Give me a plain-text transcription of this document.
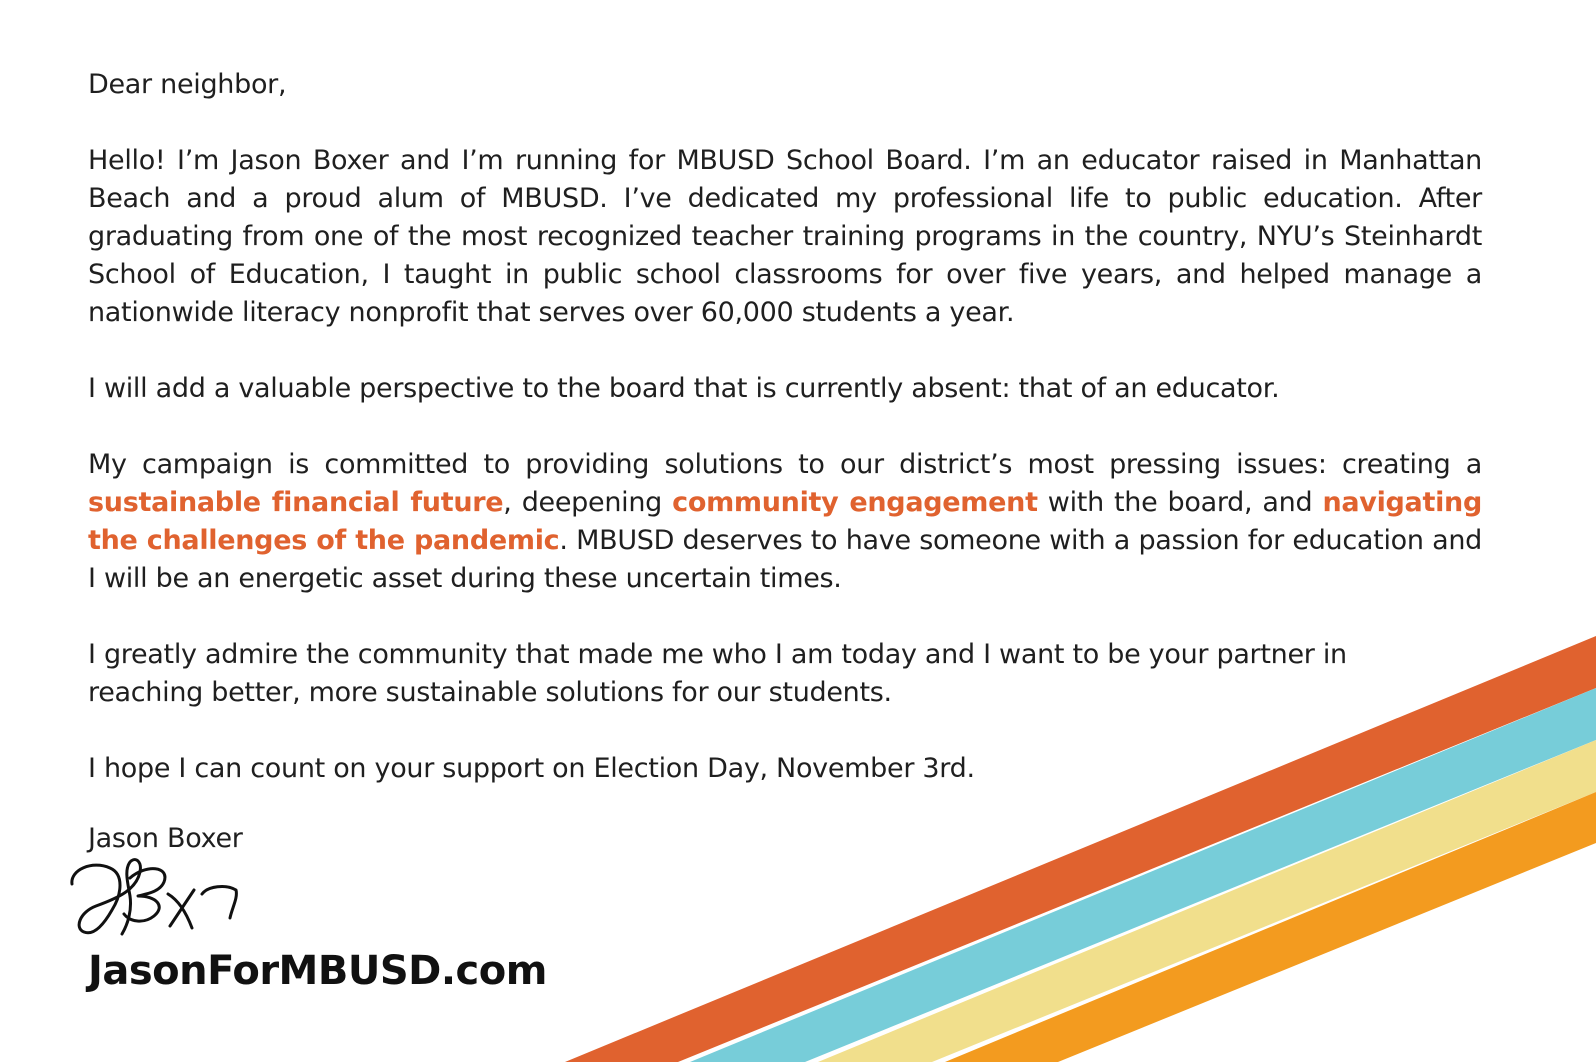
Dear neighbor,

Hello! I’m Jason Boxer and I’m running for MBUSD School Board. I’m an educator raised in Manhattan Beach and a proud alum of MBUSD. I’ve dedicated my professional life to public education. After graduating from one of the most recognized teacher training programs in the country, NYU’s Steinhardt School of Education, I taught in public school classrooms for over five years, and helped manage a nationwide literacy nonprofit that serves over 60,000 students a year.

I will add a valuable perspective to the board that is currently absent: that of an educator.

My campaign is committed to providing solutions to our district’s most pressing issues: creating a sustainable financial future, deepening community engagement with the board, and navigating the challenges of the pandemic. MBUSD deserves to have someone with a passion for education and I will be an energetic asset during these uncertain times.

I greatly admire the community that made me who I am today and I want to be your partner in reaching better, more sustainable solutions for our students.

I hope I can count on your support on Election Day, November 3rd.

Jason Boxer
JasonForMBUSD.com
